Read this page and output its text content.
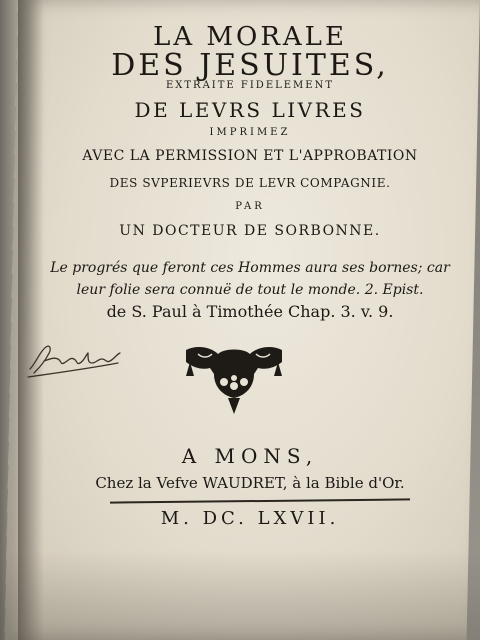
LA MORALE
DES JESUITES,
EXTRAITE FIDELEMENT
DE LEVRS LIVRES
IMPRIMEZ
AVEC LA PERMISSION ET L'APPROBATION
DES SVPERIEVRS DE LEVR COMPAGNIE.
PAR
UN DOCTEUR DE SORBONNE.
Le progrés que feront ces Hommes aura ses bornes; car
leur folie sera connuë de tout le monde. 2. Epist.
de S. Paul à Timothée Chap. 3. v. 9.
A MONS,
Chez la Vefve WAUDRET, à la Bible d'Or.
M. DC. LXVII.
